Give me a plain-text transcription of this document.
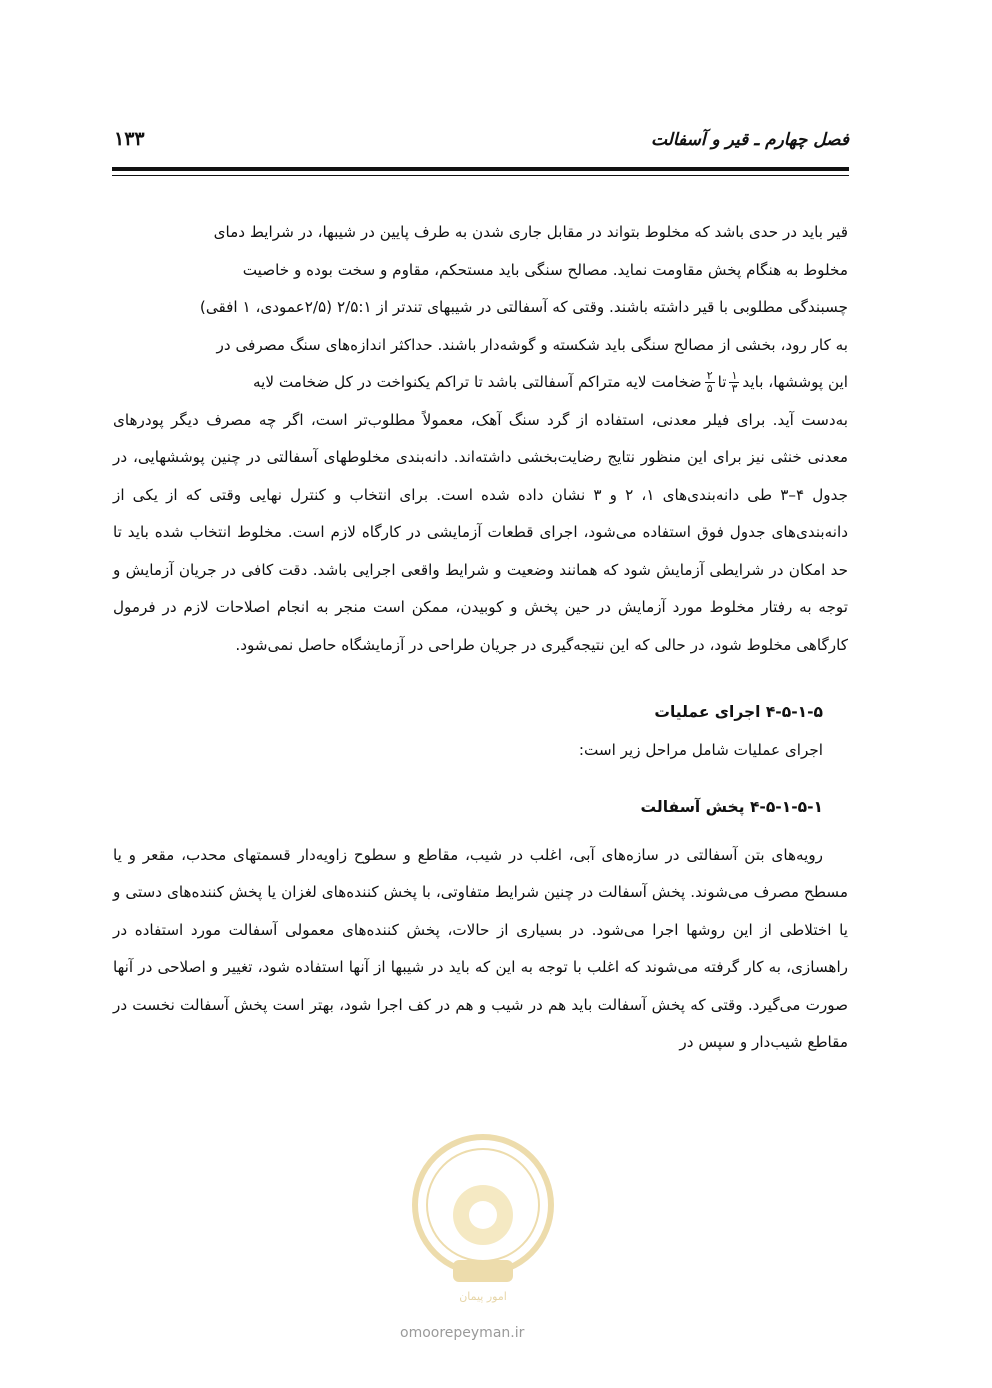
فصل چهارم ـ قیر و آسفالت
۱۳۳
قیر باید در حدی باشد که مخلوط بتواند در مقابل جاری شدن به طرف پایین در شیبها، در شرایط دمای
مخلوط به هنگام پخش مقاومت نماید. مصالح سنگی باید مستحکم، مقاوم و سخت بوده و خاصیت
چسبندگی مطلوبی با قیر داشته باشند. وقتی که آسفالتی در شیبهای تندتر از ۲/۵:۱ (۲/۵عمودی، ۱ افقی)
به کار رود، بخشی از مصالح سنگی باید شکسته و گوشه‌دار باشند. حداکثر اندازه‌های سنگ مصرفی در
این پوششها، باید
$\frac{۱}{۳}$
تا
$\frac{۲}{۵}$
ضخامت لایه متراکم آسفالتی باشد تا تراکم یکنواخت در کل ضخامت لایه
به‌دست آید. برای فیلر معدنی، استفاده از گرد سنگ آهک، معمولاً مطلوب‌تر است، اگر چه مصرف دیگر پودرهای معدنی خنثی نیز برای این منظور نتایج رضایت‌بخشی داشته‌اند. دانه‌بندی مخلوطهای آسفالتی در چنین پوششهایی، در جدول ۴–۳ طی دانه‌بندی‌های ۱، ۲ و ۳ نشان داده شده است. برای انتخاب و کنترل نهایی وقتی که از یکی از دانه‌بندی‌های جدول فوق استفاده می‌شود، اجرای قطعات آزمایشی در کارگاه لازم است. مخلوط انتخاب شده باید تا حد امکان در شرایطی آزمایش شود که همانند وضعیت و شرایط واقعی اجرایی باشد. دقت کافی در جریان آزمایش و توجه به رفتار مخلوط مورد آزمایش در حین پخش و کوبیدن، ممکن است منجر به انجام اصلاحات لازم در فرمول کارگاهی مخلوط شود، در حالی که این نتیجه‌گیری در جریان طراحی در آزمایشگاه حاصل نمی‌شود.

۴-۵-۱-۵ اجرای عملیات

اجرای عملیات شامل مراحل زیر است:

۴-۵-۱-۵-۱ پخش آسفالت

رویه‌های بتن آسفالتی در سازه‌های آبی، اغلب در شیب، مقاطع و سطوح زاویه‌دار قسمتهای محدب، مقعر و یا مسطح مصرف می‌شوند. پخش آسفالت در چنین شرایط متفاوتی، با پخش کننده‌های لغزان یا پخش کننده‌های دستی و یا اختلاطی از این روشها اجرا می‌شود. در بسیاری از حالات، پخش کننده‌های معمولی آسفالت مورد استفاده در راهسازی، به کار گرفته می‌شوند که اغلب با توجه به این که باید در شیبها از آنها استفاده شود، تغییر و اصلاحی در آنها صورت می‌گیرد. وقتی که پخش آسفالت باید هم در شیب و هم در کف اجرا شود، بهتر است پخش آسفالت نخست در مقاطع شیب‌دار و سپس در

امور پیمان
omoorepeyman.ir
